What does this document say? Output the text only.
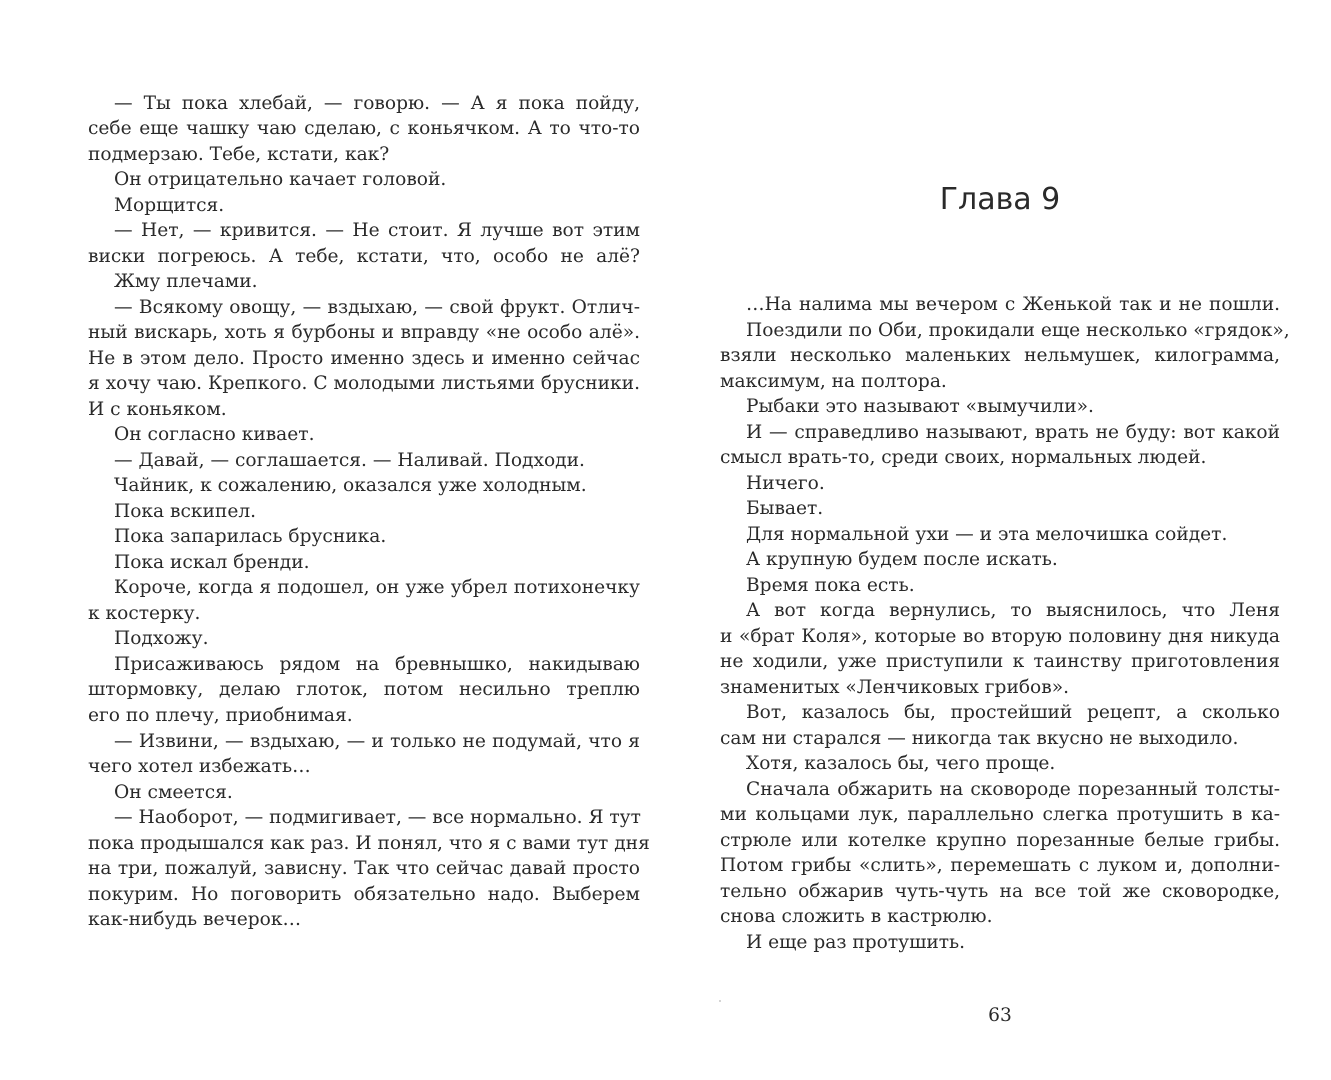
— Ты пока хлебай, — говорю. — А я пока пойду,
себе еще чашку чаю сделаю, с коньячком. А то что-то
подмерзаю. Тебе, кстати, как?
Он отрицательно качает головой.
Морщится.
— Нет, — кривится. — Не стоит. Я лучше вот этим
виски погреюсь. А тебе, кстати, что, особо не алё?
Жму плечами.
— Всякому овощу, — вздыхаю, — свой фрукт. Отлич-
ный вискарь, хоть я бурбоны и вправду «не особо алё».
Не в этом дело. Просто именно здесь и именно сейчас
я хочу чаю. Крепкого. С молодыми листьями брусники.
И с коньяком.
Он согласно кивает.
— Давай, — соглашается. — Наливай. Подходи.
Чайник, к сожалению, оказался уже холодным.
Пока вскипел.
Пока запарилась брусника.
Пока искал бренди.
Короче, когда я подошел, он уже убрел потихонечку
к костерку.
Подхожу.
Присаживаюсь рядом на бревнышко, накидываю
штормовку, делаю глоток, потом несильно треплю
его по плечу, приобнимая.
— Извини, — вздыхаю, — и только не подумай, что я
чего хотел избежать…
Он смеется.
— Наоборот, — подмигивает, — все нормально. Я тут
пока продышался как раз. И понял, что я с вами тут дня
на три, пожалуй, зависну. Так что сейчас давай просто
покурим. Но поговорить обязательно надо. Выберем
как-нибудь вечерок…
Глава 9
…На налима мы вечером с Женькой так и не пошли.
Поездили по Оби, прокидали еще несколько «грядок»,
взяли несколько маленьких нельмушек, килограмма,
максимум, на полтора.
Рыбаки это называют «вымучили».
И — справедливо называют, врать не буду: вот какой
смысл врать-то, среди своих, нормальных людей.
Ничего.
Бывает.
Для нормальной ухи — и эта мелочишка сойдет.
А крупную будем после искать.
Время пока есть.
А вот когда вернулись, то выяснилось, что Леня
и «брат Коля», которые во вторую половину дня никуда
не ходили, уже приступили к таинству приготовления
знаменитых «Ленчиковых грибов».
Вот, казалось бы, простейший рецепт, а сколько
сам ни старался — никогда так вкусно не выходило.
Хотя, казалось бы, чего проще.
Сначала обжарить на сковороде порезанный толсты-
ми кольцами лук, параллельно слегка протушить в ка-
стрюле или котелке крупно порезанные белые грибы.
Потом грибы «слить», перемешать с луком и, дополни-
тельно обжарив чуть-чуть на все той же сковородке,
снова сложить в кастрюлю.
И еще раз протушить.
63
